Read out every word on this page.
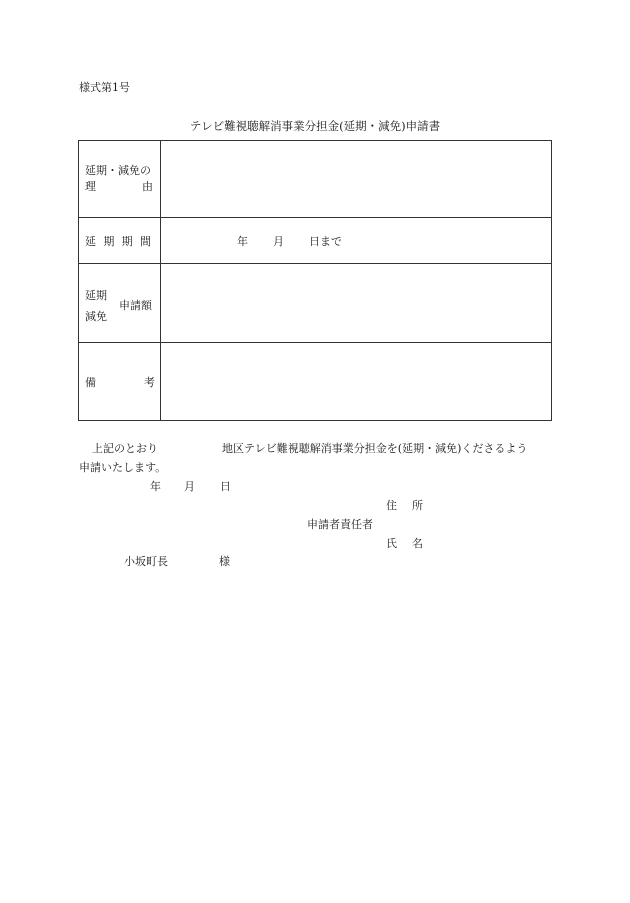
様式第1号
テレビ難視聴解消事業分担金(延期・減免)申請書
延期・減免の
理 由	

延 期 期 間	年 月 日まで

延期
減免
申請額	

備 考	

上記のとおり	地区テレビ難視聴解消事業分担金を(延期・減免)くださるよう
申請いたします。
年 月 日
住 所
申請者責任者
氏 名
小坂町長	様
